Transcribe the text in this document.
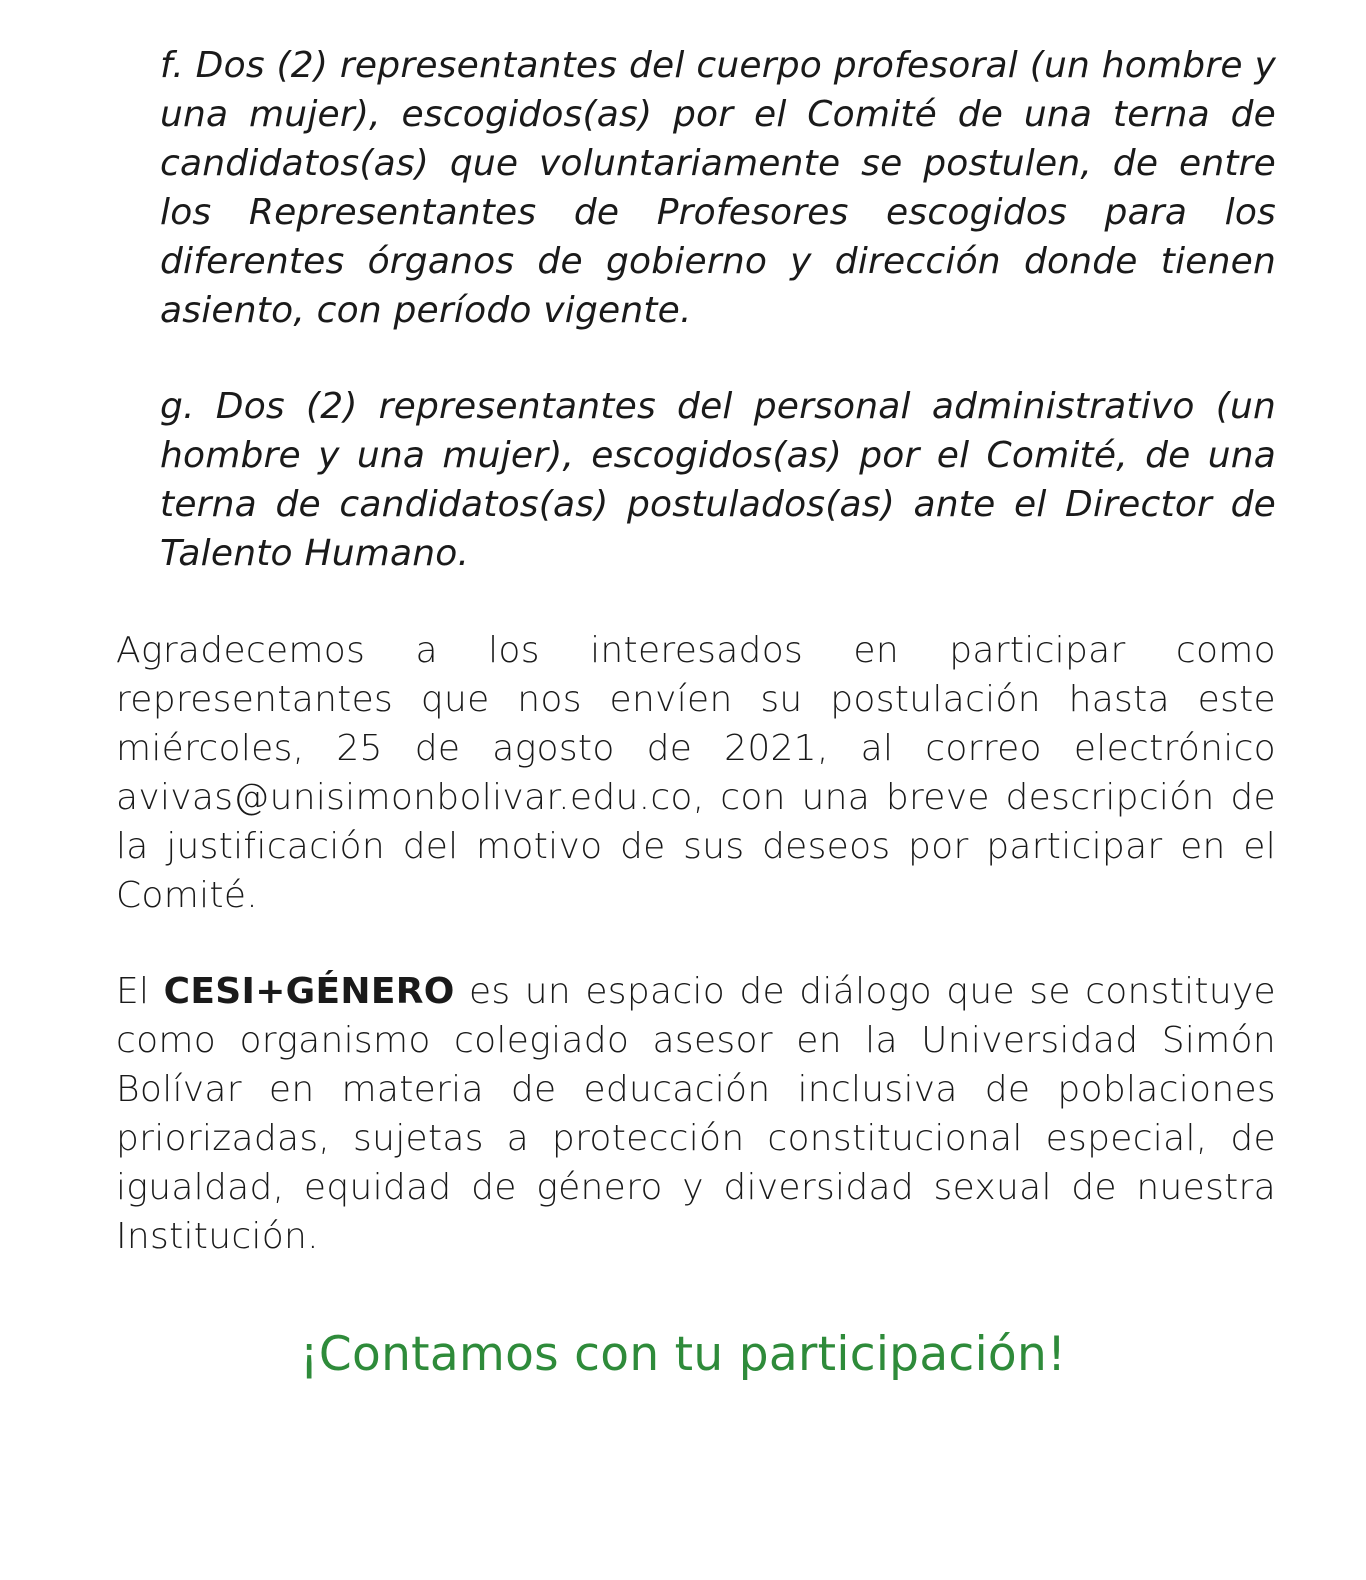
f. Dos (2) representantes del cuerpo profesoral (un hombre y una mujer), escogidos(as) por el Comité de una terna de candidatos(as) que voluntariamente se postulen, de entre los Representantes de Profesores escogidos para los diferentes órganos de gobierno y dirección donde tienen asiento, con período vigente.

g. Dos (2) representantes del personal administrativo (un hombre y una mujer), escogidos(as) por el Comité, de una terna de candidatos(as) postulados(as) ante el Director de Talento Humano.

Agradecemos a los interesados en participar como representantes que nos envíen su postulación hasta este miércoles, 25 de agosto de 2021, al correo electrónico avivas@unisimonbolivar.edu.co, con una breve descripción de la justificación del motivo de sus deseos por participar en el Comité.

El CESI+GÉNERO es un espacio de diálogo que se constituye como organismo colegiado asesor en la Universidad Simón Bolívar en materia de educación inclusiva de poblaciones priorizadas, sujetas a protección constitucional especial, de igualdad, equidad de género y diversidad sexual de nuestra Institución.

¡Contamos con tu participación!
